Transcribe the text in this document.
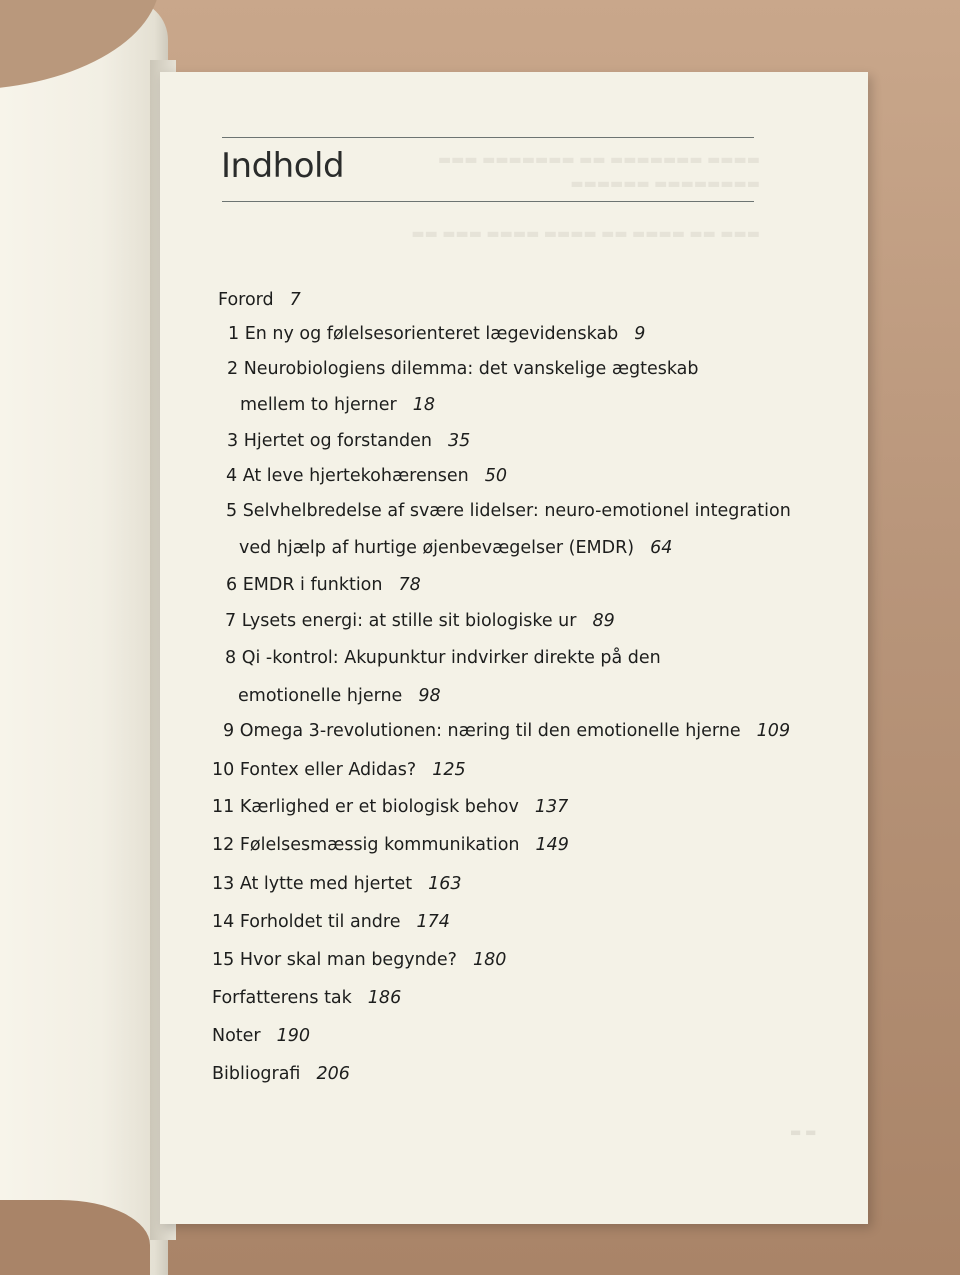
▬▬▬ ▬▬▬▬▬▬▬ ▬▬ ▬▬▬▬▬▬▬ ▬▬▬▬
▬▬▬▬▬▬ ▬▬▬▬▬▬▬▬
▬▬ ▬▬▬ ▬▬▬▬ ▬▬▬▬ ▬▬ ▬▬▬▬ ▬▬ ▬▬▬
Indhold
Forord 7
1 En ny og følelsesorienteret lægevidenskab 9
2 Neurobiologiens dilemma: det vanskelige ægteskab
mellem to hjerner 18
3 Hjertet og forstanden 35
4 At leve hjertekohærensen 50
5 Selvhelbredelse af svære lidelser: neuro-emotionel integration
ved hjælp af hurtige øjenbevægelser (EMDR) 64
6 EMDR i funktion 78
7 Lysets energi: at stille sit biologiske ur 89
8 Qi -kontrol: Akupunktur indvirker direkte på den
emotionelle hjerne 98
9 Omega 3-revolutionen: næring til den emotionelle hjerne 109
10 Fontex eller Adidas? 125
11 Kærlighed er et biologisk behov 137
12 Følelsesmæssig kommunikation 149
13 At lytte med hjertet 163
14 Forholdet til andre 174
15 Hvor skal man begynde? 180
Forfatterens tak 186
Noter 190
Bibliografi 206
▬ ▬
